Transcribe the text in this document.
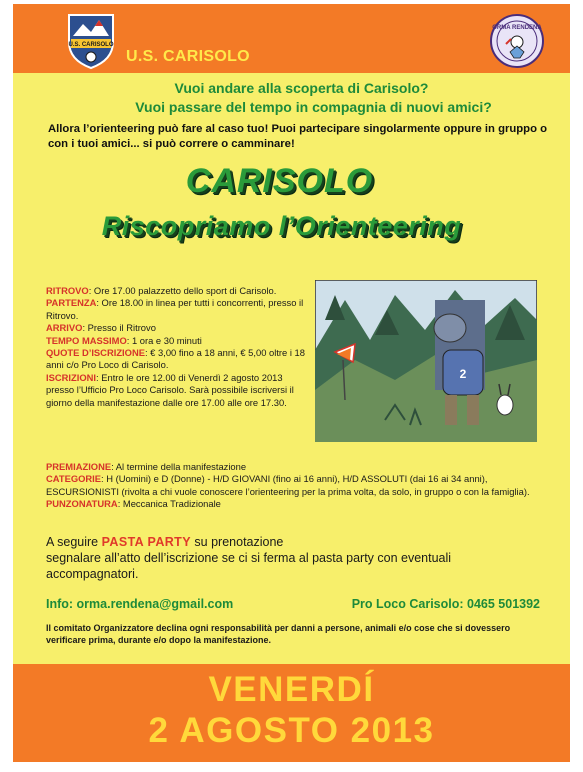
U.S. CARISOLO
U.S. CARISOLO
ORMA RENDENA
Vuoi andare alla scoperta di Carisolo?
Vuoi passare del tempo in compagnia di nuovi amici?
Allora l’orienteering può fare al caso tuo! Puoi partecipare singolarmente oppure in gruppo o con i tuoi amici... si può correre o camminare!
CARISOLO
Riscopriamo l’Orienteering
2
RITROVO: Ore 17.00 palazzetto dello sport di Carisolo.
PARTENZA: Ore 18.00 in linea per tutti i concorrenti, presso il Ritrovo.
ARRIVO: Presso il Ritrovo
TEMPO MASSIMO: 1 ora e 30 minuti
QUOTE D’ISCRIZIONE: € 3,00 fino a 18 anni, € 5,00 oltre i 18 anni c/o Pro Loco di Carisolo.
ISCRIZIONI: Entro le ore 12.00 di Venerdì 2 agosto 2013 presso l’Ufficio Pro Loco Carisolo. Sarà possibile iscriversi il giorno della manifestazione dalle ore 17.00 alle ore 17.30.
PREMIAZIONE: Al termine della manifestazione
CATEGORIE: H (Uomini) e D (Donne) - H/D GIOVANI (fino ai 16 anni), H/D ASSOLUTI (dai 16 ai 34 anni), ESCURSIONISTI (rivolta a chi vuole conoscere l’orienteering per la prima volta, da solo, in gruppo o con la famiglia).
PUNZONATURA: Meccanica Tradizionale
A seguire PASTA PARTY su prenotazione
segnalare all’atto dell’iscrizione se ci si ferma al pasta party con eventuali accompagnatori.
Info: orma.rendena@gmail.com	Pro Loco Carisolo: 0465 501392
Il comitato Organizzatore declina ogni responsabilità per danni a persone, animali e/o cose che si dovessero verificare prima, durante e/o dopo la manifestazione.
VENERDÍ
2 AGOSTO 2013
